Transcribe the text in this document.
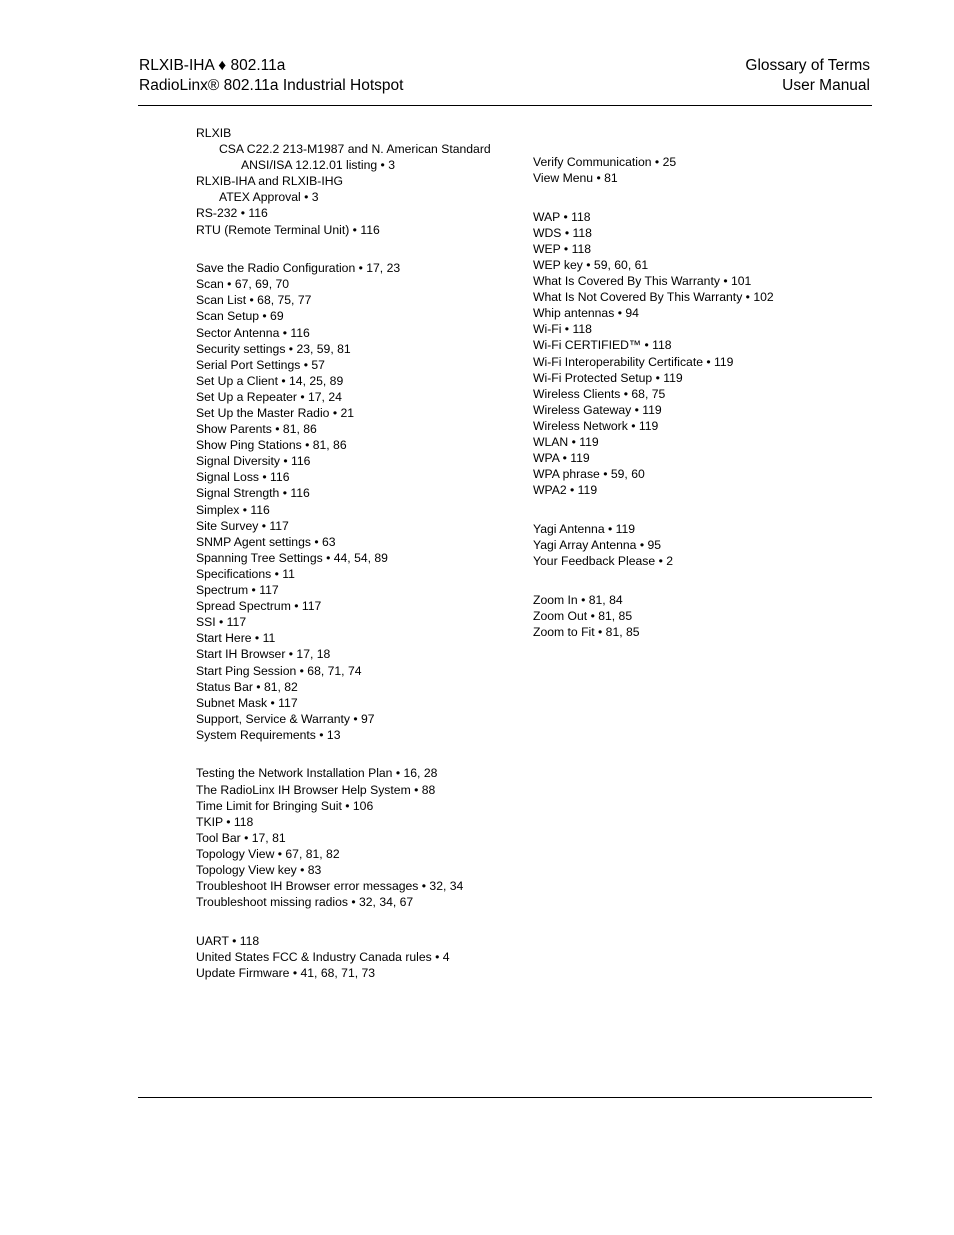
RLXIB-IHA ♦ 802.11a
RadioLinx® 802.11a Industrial Hotspot
Glossary of Terms
User Manual
RLXIB
CSA C22.2 213-M1987 and N. American Standard
ANSI/ISA 12.12.01 listing • 3
RLXIB-IHA and RLXIB-IHG
ATEX Approval • 3
RS-232 • 116
RTU (Remote Terminal Unit) • 116
Save the Radio Configuration • 17, 23
Scan • 67, 69, 70
Scan List • 68, 75, 77
Scan Setup • 69
Sector Antenna • 116
Security settings • 23, 59, 81
Serial Port Settings • 57
Set Up a Client • 14, 25, 89
Set Up a Repeater • 17, 24
Set Up the Master Radio • 21
Show Parents • 81, 86
Show Ping Stations • 81, 86
Signal Diversity • 116
Signal Loss • 116
Signal Strength • 116
Simplex • 116
Site Survey • 117
SNMP Agent settings • 63
Spanning Tree Settings • 44, 54, 89
Specifications • 11
Spectrum • 117
Spread Spectrum • 117
SSI • 117
Start Here • 11
Start IH Browser • 17, 18
Start Ping Session • 68, 71, 74
Status Bar • 81, 82
Subnet Mask • 117
Support, Service & Warranty • 97
System Requirements • 13
Testing the Network Installation Plan • 16, 28
The RadioLinx IH Browser Help System • 88
Time Limit for Bringing Suit • 106
TKIP • 118
Tool Bar • 17, 81
Topology View • 67, 81, 82
Topology View key • 83
Troubleshoot IH Browser error messages • 32, 34
Troubleshoot missing radios • 32, 34, 67
UART • 118
United States FCC & Industry Canada rules • 4
Update Firmware • 41, 68, 71, 73
Verify Communication • 25
View Menu • 81
WAP • 118
WDS • 118
WEP • 118
WEP key • 59, 60, 61
What Is Covered By This Warranty • 101
What Is Not Covered By This Warranty • 102
Whip antennas • 94
Wi-Fi • 118
Wi-Fi CERTIFIED™ • 118
Wi-Fi Interoperability Certificate • 119
Wi-Fi Protected Setup • 119
Wireless Clients • 68, 75
Wireless Gateway • 119
Wireless Network • 119
WLAN • 119
WPA • 119
WPA phrase • 59, 60
WPA2 • 119
Yagi Antenna • 119
Yagi Array Antenna • 95
Your Feedback Please • 2
Zoom In • 81, 84
Zoom Out • 81, 85
Zoom to Fit • 81, 85
